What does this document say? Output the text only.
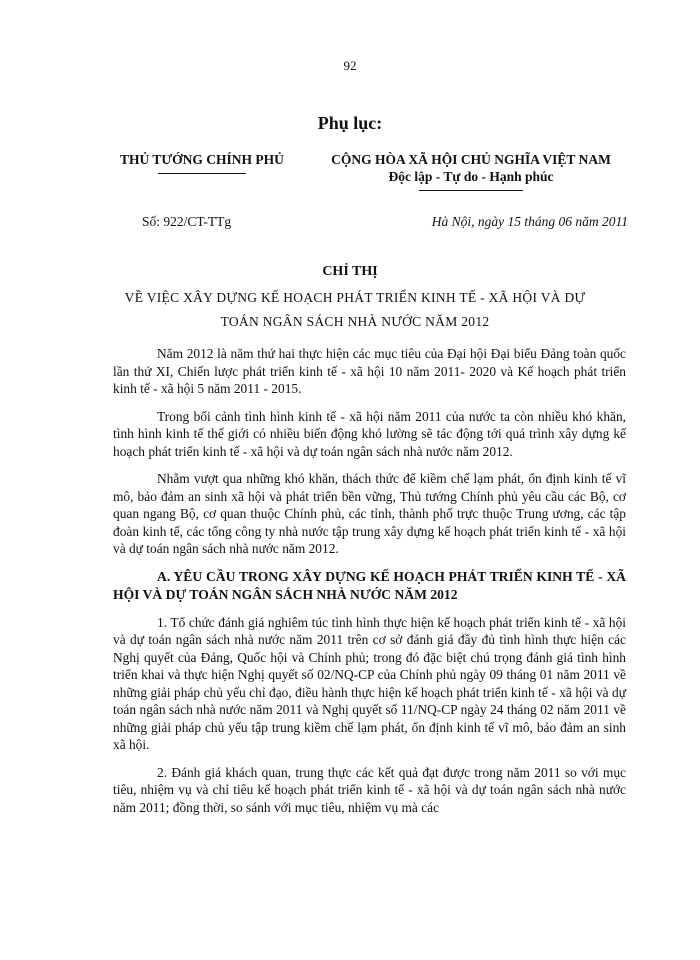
92
Phụ lục:
THỦ TƯỚNG CHÍNH PHỦ	CỘNG HÒA XÃ HỘI CHỦ NGHĨA VIỆT NAM
Độc lập - Tự do - Hạnh phúc
Số: 922/CT-TTg	Hà Nội, ngày 15 tháng 06 năm 2011
CHỈ THỊ
VỀ VIỆC XÂY DỰNG KẾ HOẠCH PHÁT TRIỂN KINH TẾ - XÃ HỘI VÀ DỰ
TOÁN NGÂN SÁCH NHÀ NƯỚC NĂM 2012

Năm 2012 là năm thứ hai thực hiện các mục tiêu của Đại hội Đại biểu Đảng toàn quốc lần thứ XI, Chiến lược phát triển kinh tế - xã hội 10 năm 2011- 2020 và Kế hoạch phát triển kinh tế - xã hội 5 năm 2011 - 2015.

Trong bối cảnh tình hình kinh tế - xã hội năm 2011 của nước ta còn nhiều khó khăn, tình hình kinh tế thế giới có nhiều biến động khó lường sẽ tác động tới quá trình xây dựng kế hoạch phát triển kinh tế - xã hội và dự toán ngân sách nhà nước năm 2012.

Nhằm vượt qua những khó khăn, thách thức để kiềm chế lạm phát, ổn định kinh tế vĩ mô, bảo đảm an sinh xã hội và phát triển bền vững, Thủ tướng Chính phủ yêu cầu các Bộ, cơ quan ngang Bộ, cơ quan thuộc Chính phủ, các tỉnh, thành phố trực thuộc Trung ương, các tập đoàn kinh tế, các tổng công ty nhà nước tập trung xây dựng kế hoạch phát triển kinh tế - xã hội và dự toán ngân sách nhà nước năm 2012.

A. YÊU CẦU TRONG XÂY DỰNG KẾ HOẠCH PHÁT TRIỂN KINH TẾ - XÃ HỘI VÀ DỰ TOÁN NGÂN SÁCH NHÀ NƯỚC NĂM 2012

1. Tổ chức đánh giá nghiêm túc tình hình thực hiện kế hoạch phát triển kinh tế - xã hội và dự toán ngân sách nhà nước năm 2011 trên cơ sở đánh giá đầy đủ tình hình thực hiện các Nghị quyết của Đảng, Quốc hội và Chính phủ; trong đó đặc biệt chú trọng đánh giá tình hình triển khai và thực hiện Nghị quyết số 02/NQ-CP của Chính phủ ngày 09 tháng 01 năm 2011 về những giải pháp chủ yếu chỉ đạo, điều hành thực hiện kế hoạch phát triển kinh tế - xã hội và dự toán ngân sách nhà nước năm 2011 và Nghị quyết số 11/NQ-CP ngày 24 tháng 02 năm 2011 về những giải pháp chủ yếu tập trung kiềm chế lạm phát, ổn định kinh tế vĩ mô, bảo đảm an sinh xã hội.

2. Đánh giá khách quan, trung thực các kết quả đạt được trong năm 2011 so với mục tiêu, nhiệm vụ và chỉ tiêu kế hoạch phát triển kinh tế - xã hội và dự toán ngân sách nhà nước năm 2011; đồng thời, so sánh với mục tiêu, nhiệm vụ mà các
